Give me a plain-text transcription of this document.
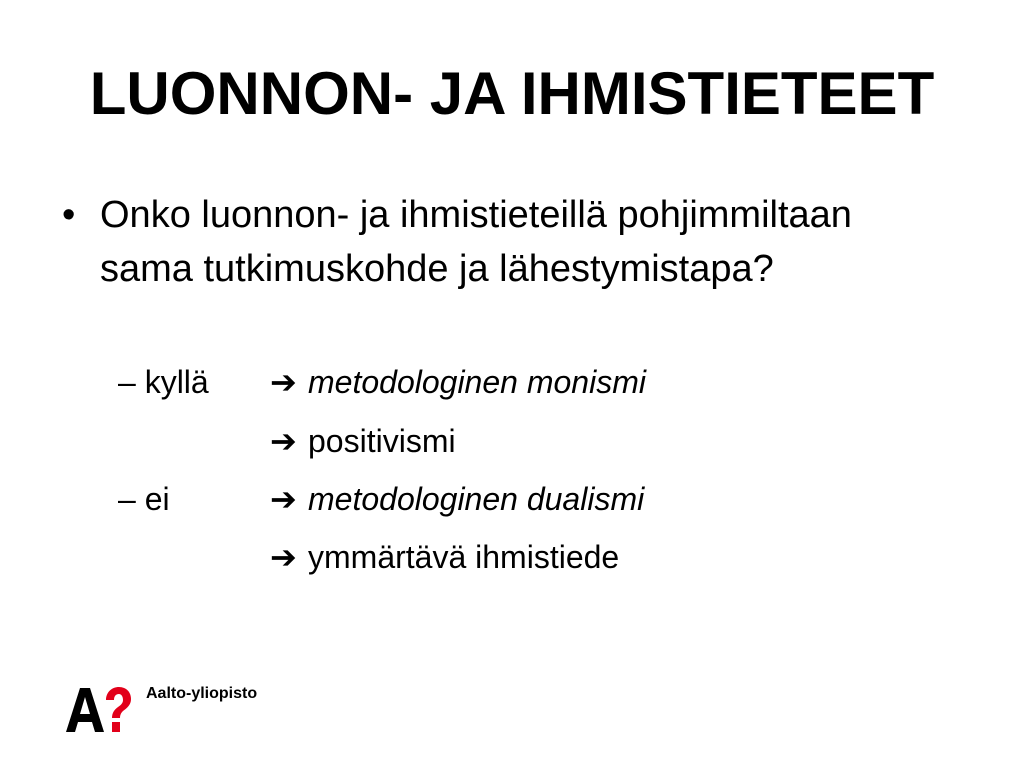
LUONNON- JA IHMISTIETEET
• Onko luonnon- ja ihmistieteillä pohjimmiltaan sama tutkimuskohde ja lähestymistapa?
– kyllä ➔ metodologinen monismi
➔ positivismi
– ei	➔ metodologinen dualismi
➔ ymmärtävä ihmistiede
Aalto-yliopisto
